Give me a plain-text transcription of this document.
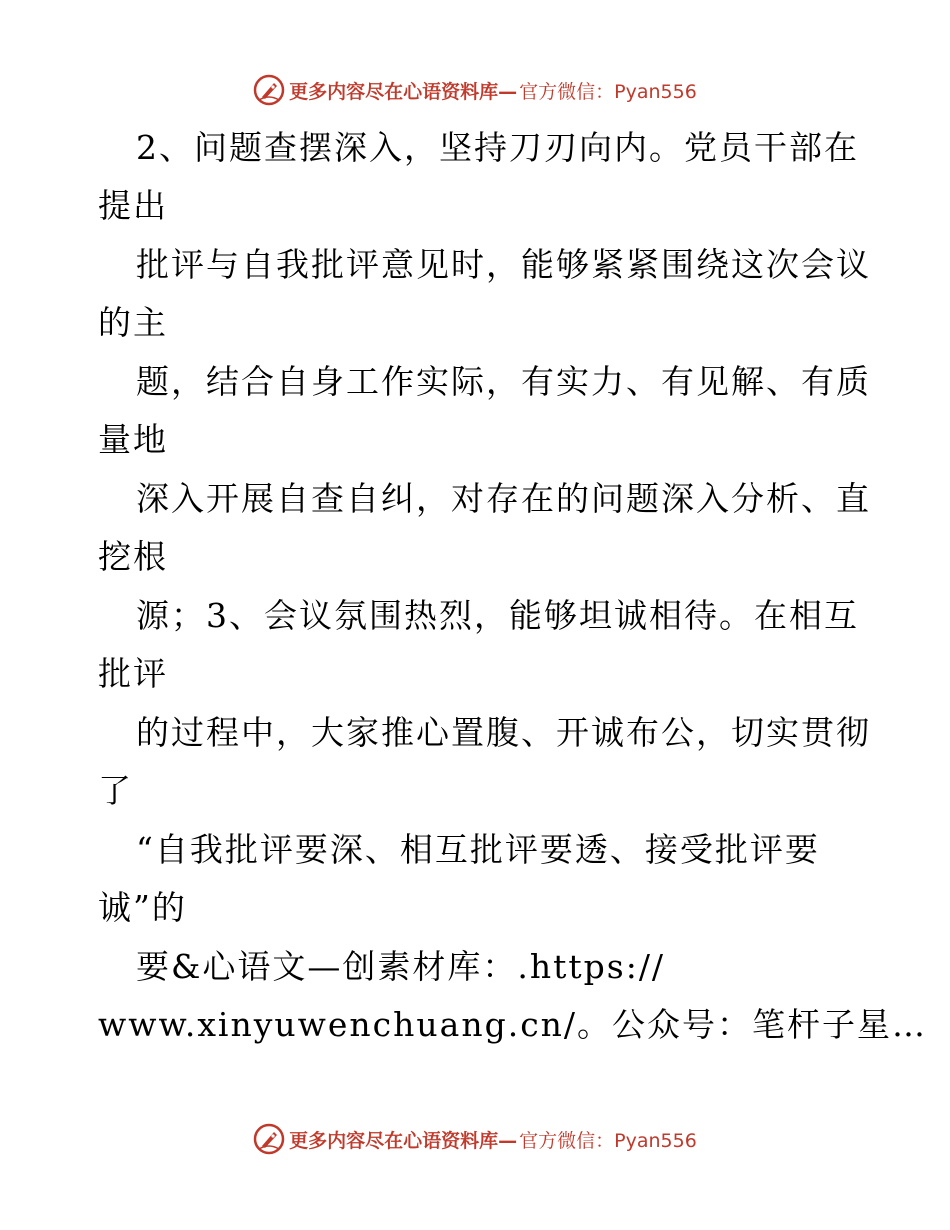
更多内容尽在心语资料库— 官方微信：Pyan556
2、问题查摆深入，坚持刀刃向内。党员干部在
提出
批评与自我批评意见时，能够紧紧围绕这次会议
的主
题，结合自身工作实际，有实力、有见解、有质
量地
深入开展自查自纠，对存在的问题深入分析、直
挖根
源；3、会议氛围热烈，能够坦诚相待。在相互
批评
的过程中，大家推心置腹、开诚布公，切实贯彻
了
“自我批评要深、相互批评要透、接受批评要
诚”的
要&心语文—创素材库：.https://
www.xinyuwenchuang.cn/。公众号：笔杆子星…
更多内容尽在心语资料库— 官方微信：Pyan556
